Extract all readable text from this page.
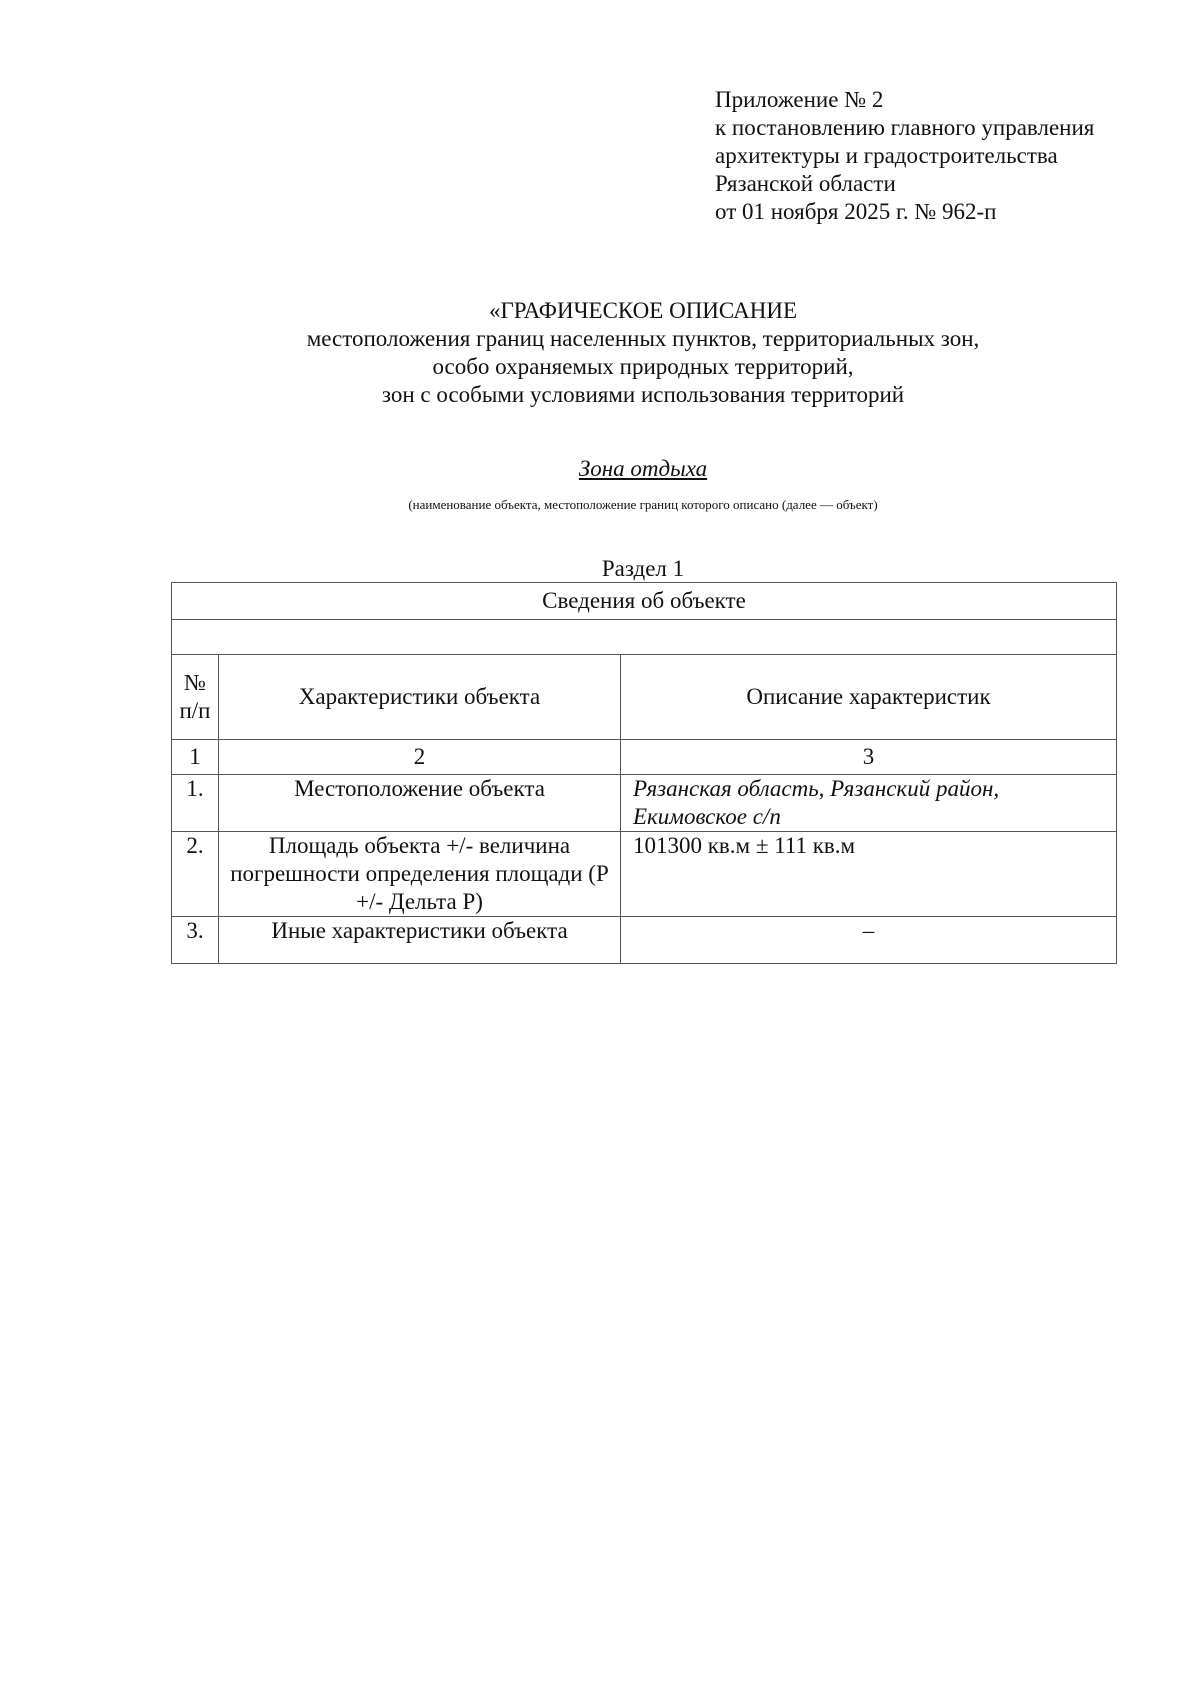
Приложение № 2
к постановлению главного управления
архитектуры и градостроительства
Рязанской области
от 01 ноября 2025 г. № 962-п
«ГРАФИЧЕСКОЕ ОПИСАНИЕ
местоположения границ населенных пунктов, территориальных зон,
особо охраняемых природных территорий,
зон с особыми условиями использования территорий
Зона отдыха
(наименование объекта, местоположение границ которого описано (далее — объект)
Раздел 1
Сведения об объекте		

№ п/п	Характеристики объекта	Описание характеристик
1	2	3
1.	Местоположение объекта	Рязанская область, Рязанский район, Екимовское с/п
2.	Площадь объекта +/- величина погрешности определения площади (Р +/- Дельта Р)	101300 кв.м ± 111 кв.м
3.	Иные характеристики объекта	–
